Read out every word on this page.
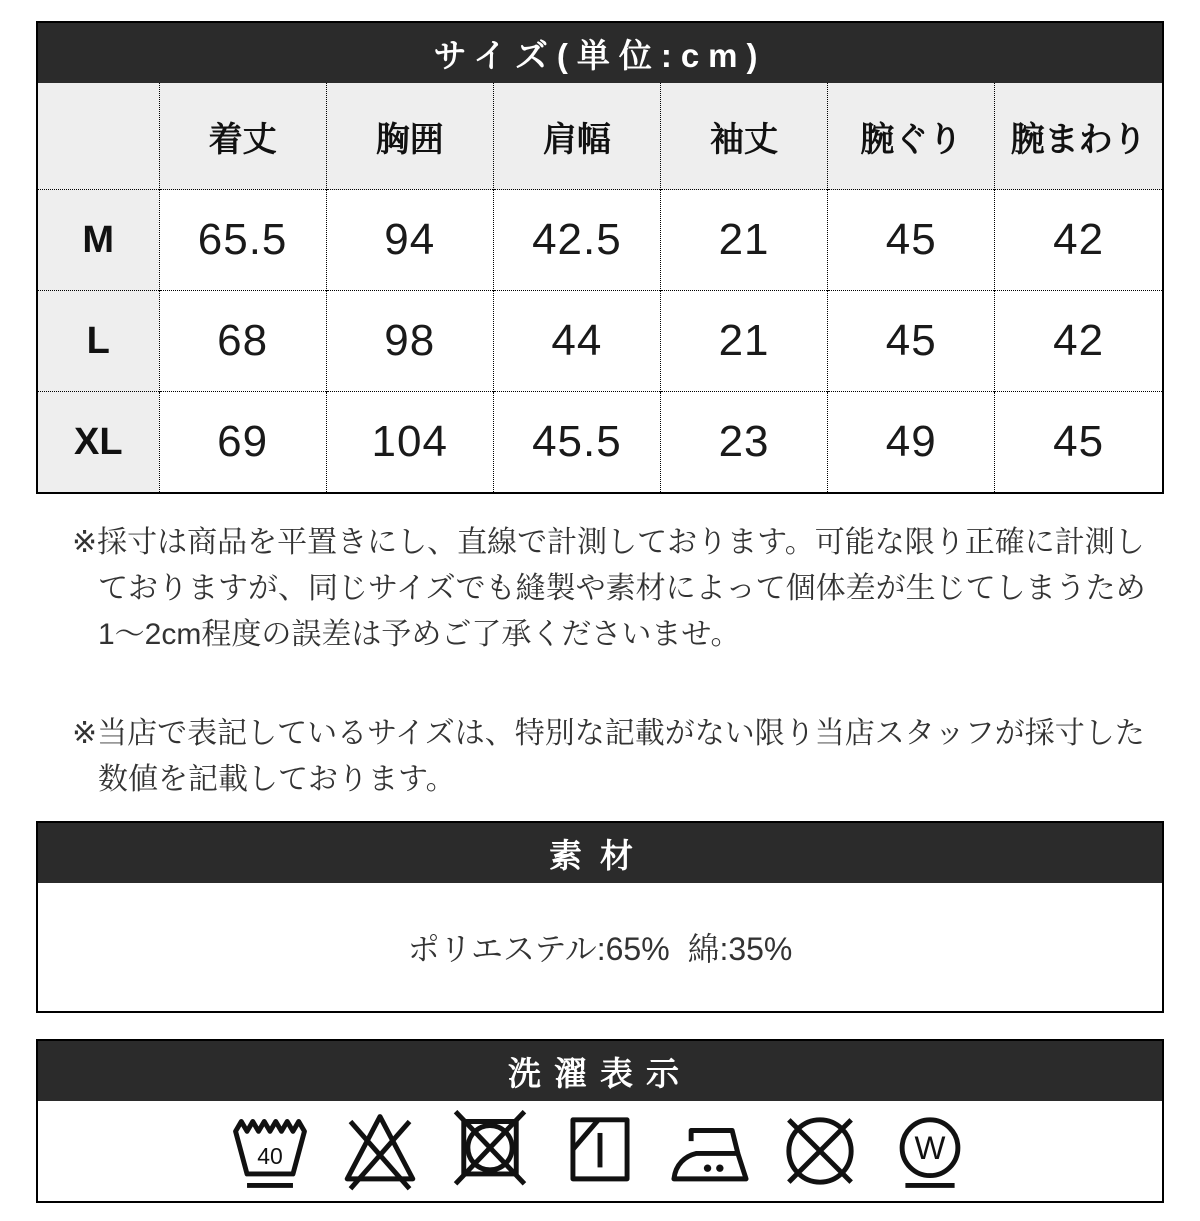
サイズ(単位:cm)
	着丈	胸囲	肩幅	袖丈	腕ぐり	腕まわり
M	65.5	94	42.5	21	45	42
L	68	98	44	21	45	42
XL	69	104	45.5	23	49	45
※採寸は商品を平置きにし、直線で計測しております。可能な限り正確に計測し
ておりますが、同じサイズでも縫製や素材によって個体差が生じてしまうため
1〜2cm程度の誤差は予めご了承くださいませ。
※当店で表記しているサイズは、特別な記載がない限り当店スタッフが採寸した
数値を記載しております。
素材
ポリエステル:65%  綿:35%
洗濯表示
40	W
